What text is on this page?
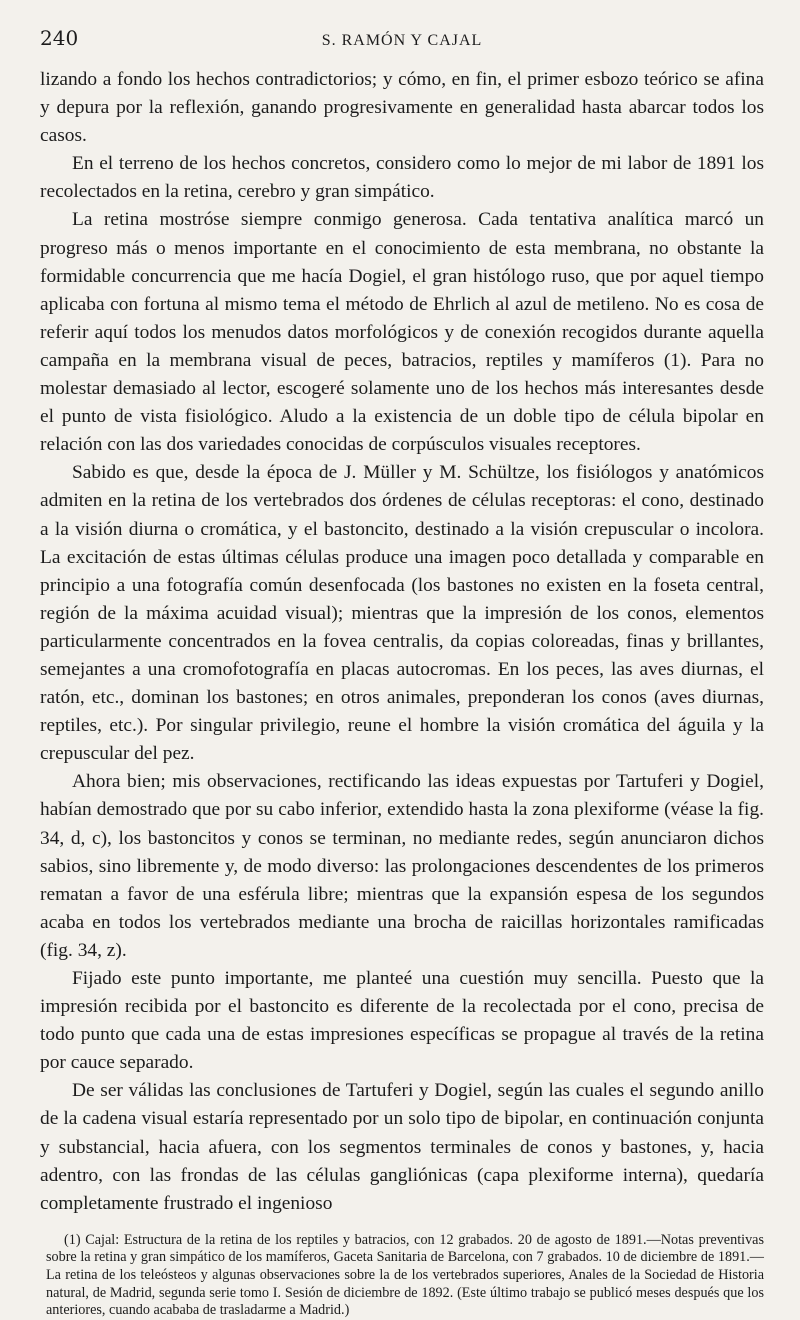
240	S. RAMÓN Y CAJAL

lizando a fondo los hechos contradictorios; y cómo, en fin, el primer esbozo teórico se afina y depura por la reflexión, ganando progresivamente en generalidad hasta abarcar todos los casos.

En el terreno de los hechos concretos, considero como lo mejor de mi labor de 1891 los recolectados en la retina, cerebro y gran simpático.

La retina mostróse siempre conmigo generosa. Cada tentativa analítica marcó un progreso más o menos importante en el conocimiento de esta membrana, no obstante la formidable concurrencia que me hacía Dogiel, el gran histólogo ruso, que por aquel tiempo aplicaba con fortuna al mismo tema el método de Ehrlich al azul de metileno. No es cosa de referir aquí todos los menudos datos morfológicos y de conexión recogidos durante aquella campaña en la membrana visual de peces, batracios, reptiles y mamíferos (1). Para no molestar demasiado al lector, escogeré solamente uno de los hechos más interesantes desde el punto de vista fisiológico. Aludo a la existencia de un doble tipo de célula bipolar en relación con las dos variedades conocidas de corpúsculos visuales receptores.

Sabido es que, desde la época de J. Müller y M. Schültze, los fisiólogos y anatómicos admiten en la retina de los vertebrados dos órdenes de células receptoras: el cono, destinado a la visión diurna o cromática, y el bastoncito, destinado a la visión crepuscular o incolora. La excitación de estas últimas células produce una imagen poco detallada y comparable en principio a una fotografía común desenfocada (los bastones no existen en la foseta central, región de la máxima acuidad visual); mientras que la impresión de los conos, elementos particularmente concentrados en la fovea centralis, da copias coloreadas, finas y brillantes, semejantes a una cromofotografía en placas autocromas. En los peces, las aves diurnas, el ratón, etc., dominan los bastones; en otros animales, preponderan los conos (aves diurnas, reptiles, etc.). Por singular privilegio, reune el hombre la visión cromática del águila y la crepuscular del pez.

Ahora bien; mis observaciones, rectificando las ideas expuestas por Tartuferi y Dogiel, habían demostrado que por su cabo inferior, extendido hasta la zona plexiforme (véase la fig. 34, d, c), los bastoncitos y conos se terminan, no mediante redes, según anunciaron dichos sabios, sino libremente y, de modo diverso: las prolongaciones descendentes de los primeros rematan a favor de una esférula libre; mientras que la expansión espesa de los segundos acaba en todos los vertebrados mediante una brocha de raicillas horizontales ramificadas (fig. 34, z).

Fijado este punto importante, me planteé una cuestión muy sencilla. Puesto que la impresión recibida por el bastoncito es diferente de la recolectada por el cono, precisa de todo punto que cada una de estas impresiones específicas se propague al través de la retina por cauce separado.

De ser válidas las conclusiones de Tartuferi y Dogiel, según las cuales el segundo anillo de la cadena visual estaría representado por un solo tipo de bipolar, en continuación conjunta y substancial, hacia afuera, con los segmentos terminales de conos y bastones, y, hacia adentro, con las frondas de las células gangliónicas (capa plexiforme interna), quedaría completamente frustrado el ingenioso

(1) Cajal: Estructura de la retina de los reptiles y batracios, con 12 grabados. 20 de agosto de 1891.—Notas preventivas sobre la retina y gran simpático de los mamíferos, Gaceta Sanitaria de Barcelona, con 7 grabados. 10 de diciembre de 1891.—La retina de los teleósteos y algunas observaciones sobre la de los vertebrados superiores, Anales de la Sociedad de Historia natural, de Madrid, segunda serie tomo I. Sesión de diciembre de 1892. (Este último trabajo se publicó meses después que los anteriores, cuando acababa de trasladarme a Madrid.)
